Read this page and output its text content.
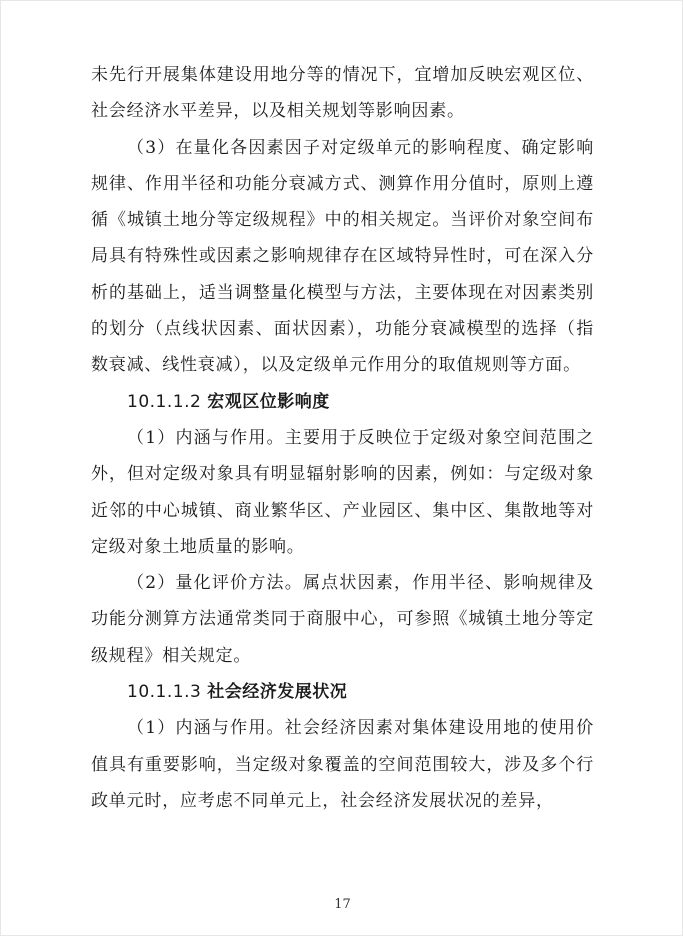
未先行开展集体建设用地分等的情况下，宜增加反映宏观区位、社会经济水平差异，以及相关规划等影响因素。

（3）在量化各因素因子对定级单元的影响程度、确定影响规律、作用半径和功能分衰减方式、测算作用分值时，原则上遵循《城镇土地分等定级规程》中的相关规定。当评价对象空间布局具有特殊性或因素之影响规律存在区域特异性时，可在深入分析的基础上，适当调整量化模型与方法，主要体现在对因素类别的划分（点线状因素、面状因素），功能分衰减模型的选择（指数衰减、线性衰减），以及定级单元作用分的取值规则等方面。

10.1.1.2 宏观区位影响度

（1）内涵与作用。主要用于反映位于定级对象空间范围之外，但对定级对象具有明显辐射影响的因素，例如：与定级对象近邻的中心城镇、商业繁华区、产业园区、集中区、集散地等对定级对象土地质量的影响。

（2）量化评价方法。属点状因素，作用半径、影响规律及功能分测算方法通常类同于商服中心，可参照《城镇土地分等定级规程》相关规定。

10.1.1.3 社会经济发展状况

（1）内涵与作用。社会经济因素对集体建设用地的使用价值具有重要影响，当定级对象覆盖的空间范围较大，涉及多个行政单元时，应考虑不同单元上，社会经济发展状况的差异，

17
